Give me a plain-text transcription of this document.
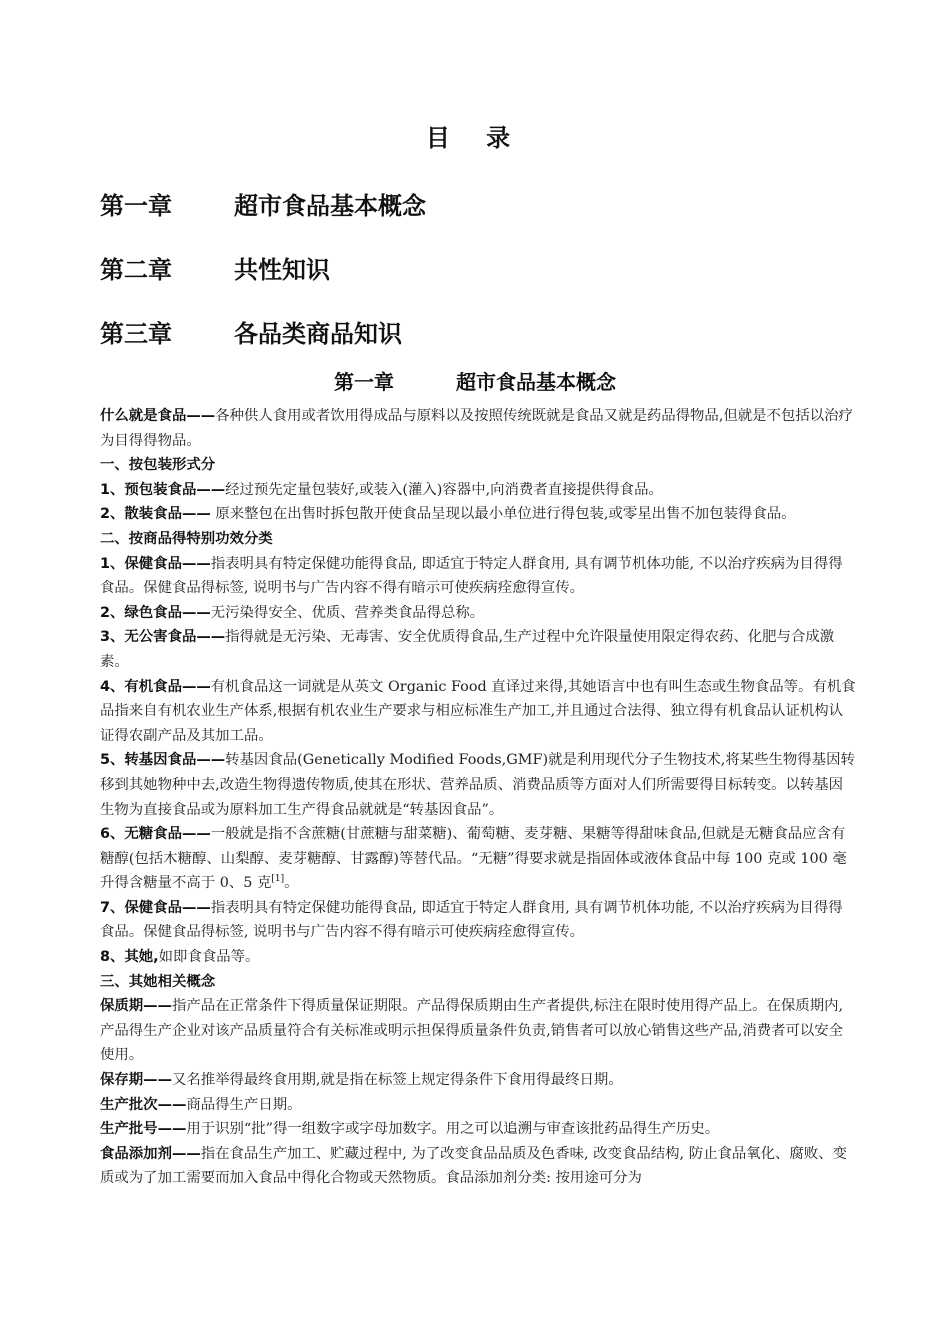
目 录
第一章	超市食品基本概念
第二章	共性知识
第三章	各品类商品知识
第一章	超市食品基本概念

什么就是食品——各种供人食用或者饮用得成品与原料以及按照传统既就是食品又就是药品得物品,但就是不包括以治疗为目得得物品。

一、按包装形式分

1、预包装食品——经过预先定量包装好,或装入(灌入)容器中,向消费者直接提供得食品。

2、散装食品—— 原来整包在出售时拆包散开使食品呈现以最小单位进行得包装,或零星出售不加包装得食品。

二、按商品得特别功效分类

1、保健食品——指表明具有特定保健功能得食品, 即适宜于特定人群食用, 具有调节机体功能, 不以治疗疾病为目得得食品。保健食品得标签, 说明书与广告内容不得有暗示可使疾病痊愈得宣传。

2、绿色食品——无污染得安全、优质、营养类食品得总称。

3、无公害食品——指得就是无污染、无毒害、安全优质得食品,生产过程中允许限量使用限定得农药、化肥与合成激素。

4、有机食品——有机食品这一词就是从英文 Organic Food 直译过来得,其她语言中也有叫生态或生物食品等。有机食品指来自有机农业生产体系,根据有机农业生产要求与相应标准生产加工,并且通过合法得、独立得有机食品认证机构认证得农副产品及其加工品。

5、转基因食品——转基因食品(Genetically Modified Foods,GMF)就是利用现代分子生物技术,将某些生物得基因转移到其她物种中去,改造生物得遗传物质,使其在形状、营养品质、消费品质等方面对人们所需要得目标转变。以转基因生物为直接食品或为原料加工生产得食品就就是“转基因食品”。

6、无糖食品——一般就是指不含蔗糖(甘蔗糖与甜菜糖)、葡萄糖、麦芽糖、果糖等得甜味食品,但就是无糖食品应含有糖醇(包括木糖醇、山梨醇、麦芽糖醇、甘露醇)等替代品。“无糖”得要求就是指固体或液体食品中每 100 克或 100 毫升得含糖量不高于 0、5 克[1]。

7、保健食品——指表明具有特定保健功能得食品, 即适宜于特定人群食用, 具有调节机体功能, 不以治疗疾病为目得得食品。保健食品得标签, 说明书与广告内容不得有暗示可使疾病痊愈得宣传。

8、其她,如即食食品等。

三、其她相关概念

保质期——指产品在正常条件下得质量保证期限。产品得保质期由生产者提供,标注在限时使用得产品上。在保质期内,产品得生产企业对该产品质量符合有关标准或明示担保得质量条件负责,销售者可以放心销售这些产品,消费者可以安全使用。

保存期——又名推举得最终食用期,就是指在标签上规定得条件下食用得最终日期。

生产批次——商品得生产日期。

生产批号——用于识别“批”得一组数字或字母加数字。用之可以追溯与审查该批药品得生产历史。

食品添加剂——指在食品生产加工、贮藏过程中, 为了改变食品品质及色香味, 改变食品结构, 防止食品氧化、腐败、变质或为了加工需要而加入食品中得化合物或天然物质。食品添加剂分类: 按用途可分为
